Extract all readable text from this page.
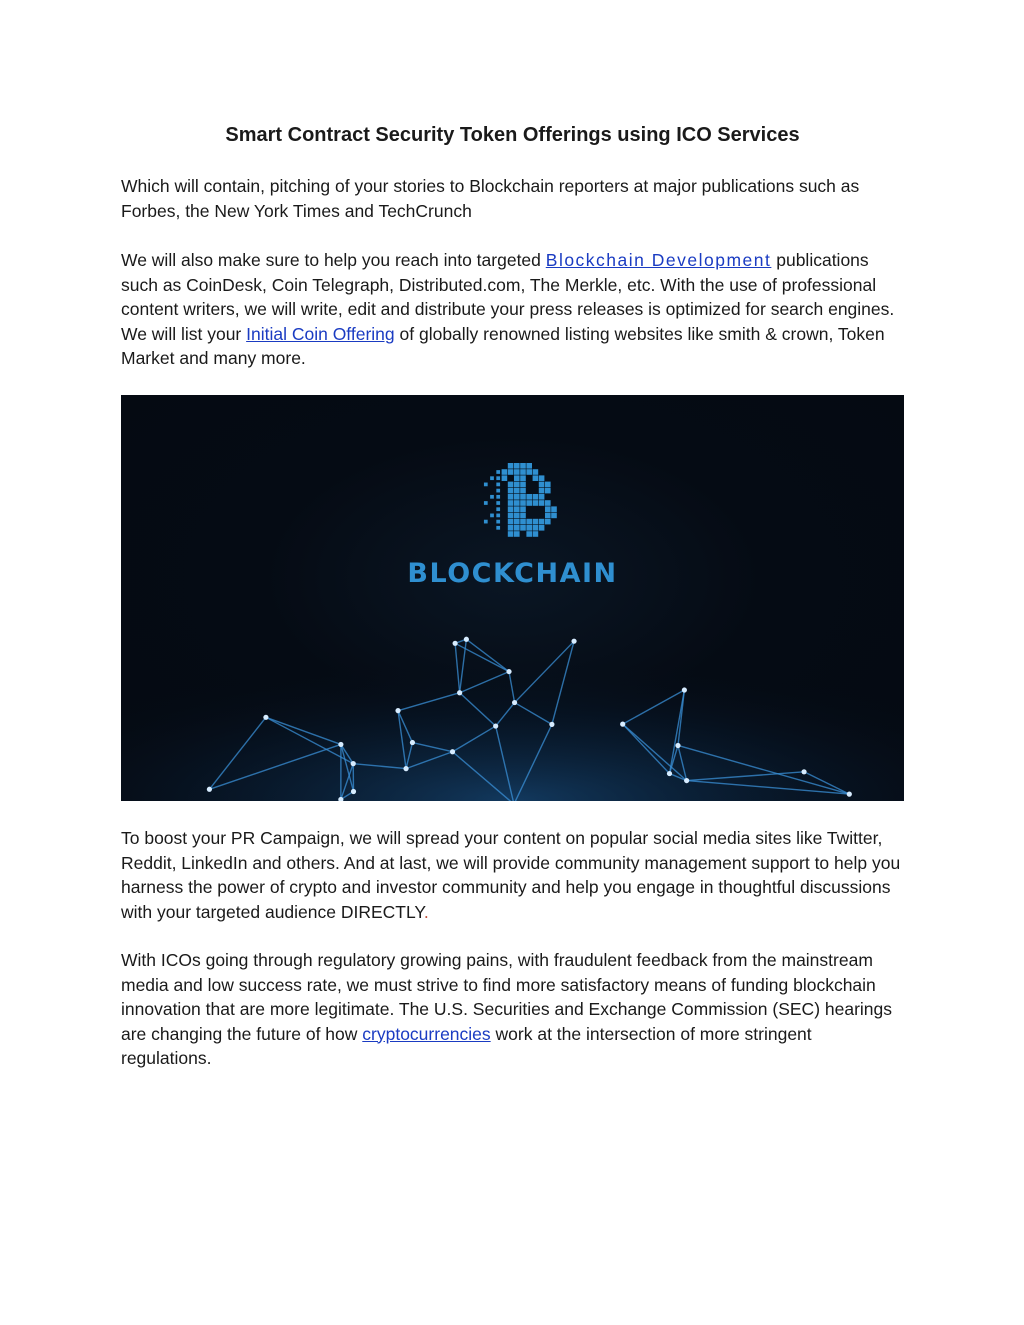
Smart Contract Security Token Offerings using ICO Services

Which will contain, pitching of your stories to Blockchain reporters at major publications such as Forbes, the New York Times and TechCrunch

We will also make sure to help you reach into targeted Blockchain Development publications such as CoinDesk, Coin Telegraph, Distributed.com, The Merkle, etc. With the use of professional content writers, we will write, edit and distribute your press releases is optimized for search engines. We will list your Initial Coin Offering of globally renowned listing websites like smith & crown, Token Market and many more.

BLOCKCHAIN

To boost your PR Campaign, we will spread your content on popular social media sites like Twitter, Reddit, LinkedIn and others. And at last, we will provide community management support to help you harness the power of crypto and investor community and help you engage in thoughtful discussions with your targeted audience DIRECTLY.

With ICOs going through regulatory growing pains, with fraudulent feedback from the mainstream media and low success rate, we must strive to find more satisfactory means of funding blockchain innovation that are more legitimate. The U.S. Securities and Exchange Commission (SEC) hearings are changing the future of how cryptocurrencies work at the intersection of more stringent regulations.
